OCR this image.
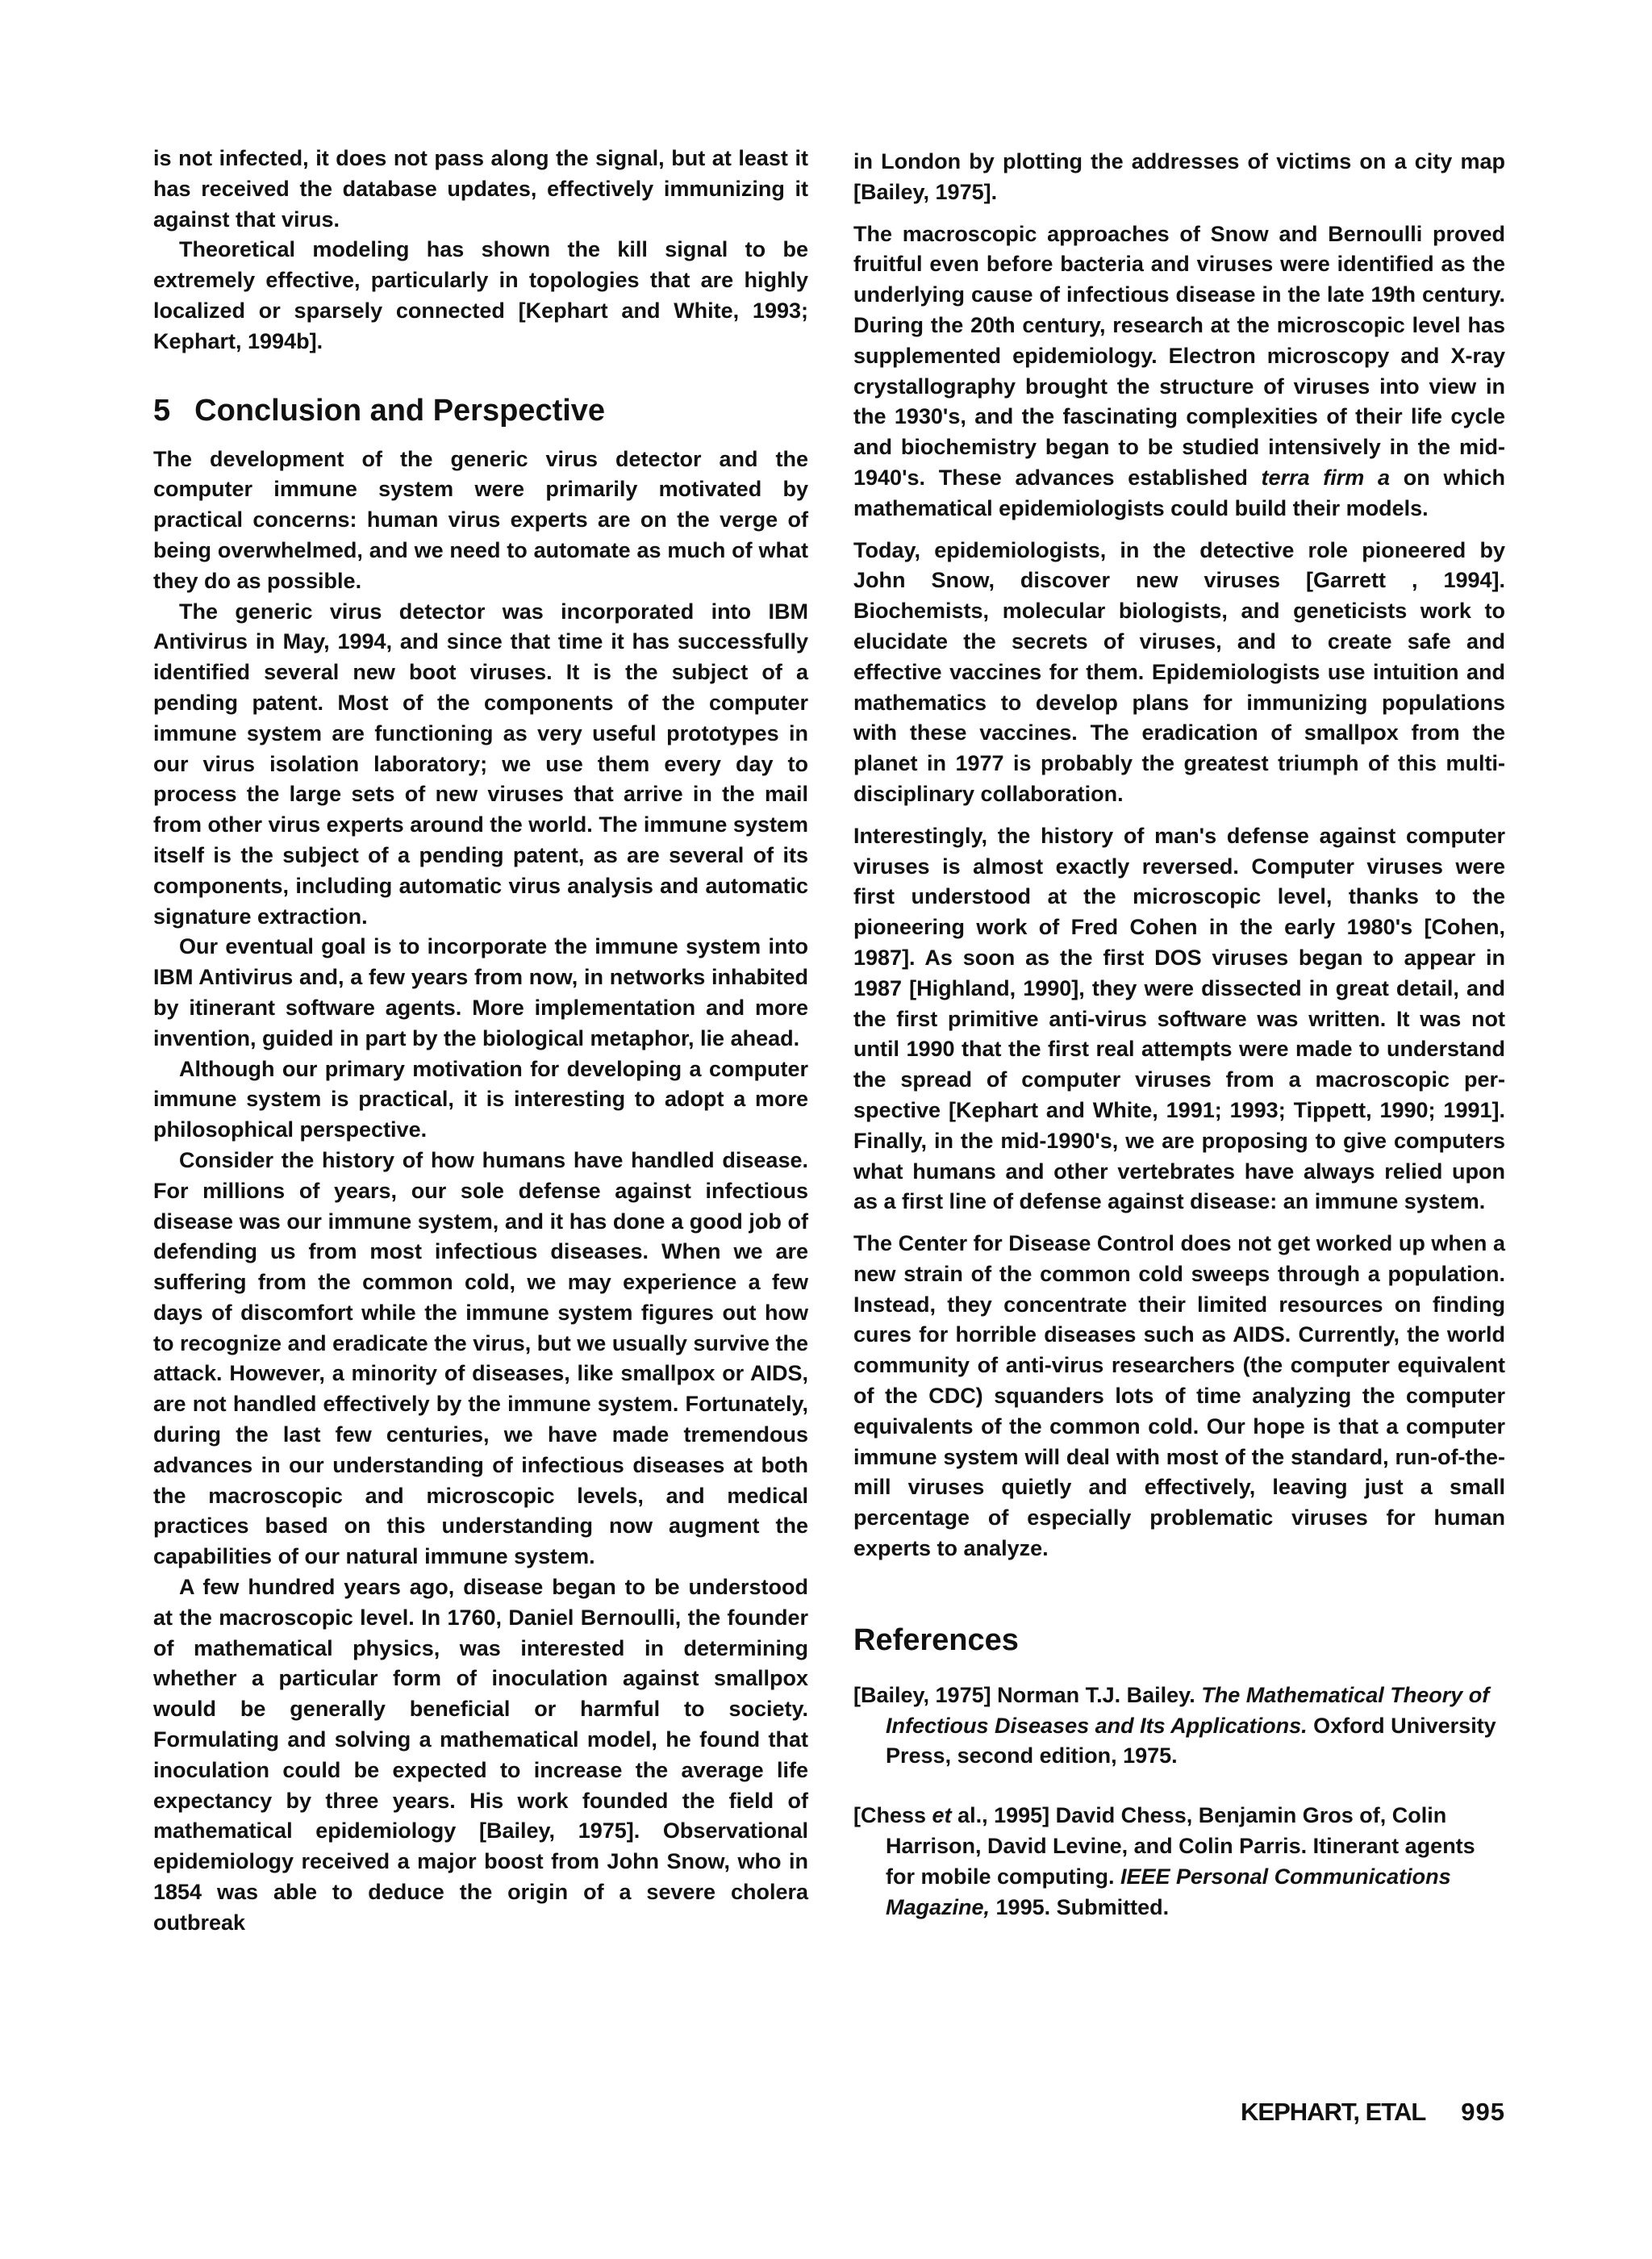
is not infected, it does not pass along the signal, but at least it has received the database updates, effectively immunizing it against that virus.

Theoretical modeling has shown the kill signal to be extremely effective, particularly in topologies that are highly localized or sparsely connected [Kephart and White, 1993; Kephart, 1994b].

5 Conclusion and Perspective

The development of the generic virus detector and the computer immune system were primarily motivated by practical concerns: human virus experts are on the verge of being overwhelmed, and we need to automate as much of what they do as possible.

The generic virus detector was incorporated into IBM Antivirus in May, 1994, and since that time it has successfully identified several new boot viruses. It is the subject of a pending patent. Most of the components of the computer immune system are functioning as very useful prototypes in our virus isolation laboratory; we use them every day to process the large sets of new viruses that arrive in the mail from other virus experts around the world. The immune system itself is the subject of a pending patent, as are several of its components, including automatic virus analysis and automatic signature extraction.

Our eventual goal is to incorporate the immune system into IBM Antivirus and, a few years from now, in networks inhabited by itinerant software agents. More implementation and more invention, guided in part by the biological metaphor, lie ahead.

Although our primary motivation for developing a computer immune system is practical, it is interesting to adopt a more philosophical perspective.

Consider the history of how humans have handled disease. For millions of years, our sole defense against infectious disease was our immune system, and it has done a good job of defending us from most infectious diseases. When we are suffering from the common cold, we may experience a few days of discomfort while the immune system figures out how to recognize and eradicate the virus, but we usually survive the attack. However, a minority of diseases, like smallpox or AIDS, are not handled effectively by the immune system. Fortunately, during the last few centuries, we have made tremendous advances in our understanding of infectious diseases at both the macroscopic and microscopic levels, and medical practices based on this understanding now augment the capabilities of our natural immune system.

A few hundred years ago, disease began to be understood at the macroscopic level. In 1760, Daniel Bernoulli, the founder of mathematical physics, was interested in determining whether a particular form of inoculation against smallpox would be generally beneficial or harmful to society. Formulating and solving a mathematical model, he found that inoculation could be expected to increase the average life expectancy by three years. His work founded the field of mathematical epidemiology [Bailey, 1975]. Observational epidemiology received a major boost from John Snow, who in 1854 was able to deduce the origin of a severe cholera outbreak

in London by plotting the addresses of victims on a city map [Bailey, 1975].

The macroscopic approaches of Snow and Bernoulli proved fruitful even before bacteria and viruses were identified as the underlying cause of infectious disease in the late 19th century. During the 20th century, research at the microscopic level has supplemented epidemiology. Electron microscopy and X-ray crystallography brought the structure of viruses into view in the 1930's, and the fascinating complexities of their life cycle and biochemistry began to be studied intensively in the mid-1940's. These advances established terra firm a on which mathematical epidemiologists could build their models.

Today, epidemiologists, in the detective role pioneered by John Snow, discover new viruses [Garrett , 1994]. Biochemists, molecular biologists, and geneticists work to elucidate the secrets of viruses, and to create safe and effective vaccines for them. Epidemiologists use intuition and mathematics to develop plans for immunizing populations with these vaccines. The eradication of smallpox from the planet in 1977 is probably the greatest triumph of this multi-disciplinary collaboration.

Interestingly, the history of man's defense against computer viruses is almost exactly reversed. Computer viruses were first understood at the microscopic level, thanks to the pioneering work of Fred Cohen in the early 1980's [Cohen, 1987]. As soon as the first DOS viruses began to appear in 1987 [Highland, 1990], they were dissected in great detail, and the first primitive anti-virus software was written. It was not until 1990 that the first real attempts were made to understand the spread of computer viruses from a macroscopic perspective [Kephart and White, 1991; 1993; Tippett, 1990; 1991]. Finally, in the mid-1990's, we are proposing to give computers what humans and other vertebrates have always relied upon as a first line of defense against disease: an immune system.

The Center for Disease Control does not get worked up when a new strain of the common cold sweeps through a population. Instead, they concentrate their limited resources on finding cures for horrible diseases such as AIDS. Currently, the world community of anti-virus researchers (the computer equivalent of the CDC) squanders lots of time analyzing the computer equivalents of the common cold. Our hope is that a computer immune system will deal with most of the standard, run-of-the-mill viruses quietly and effectively, leaving just a small percentage of especially problematic viruses for human experts to analyze.

References
[Bailey, 1975] Norman T.J. Bailey. The Mathematical Theory of Infectious Diseases and Its Applications. Oxford University Press, second edition, 1975.
[Chess et al., 1995] David Chess, Benjamin Gros of, Colin Harrison, David Levine, and Colin Parris. Itinerant agents for mobile computing. IEEE Personal Communications Magazine, 1995. Submitted.
KEPHART, ETAL 995
